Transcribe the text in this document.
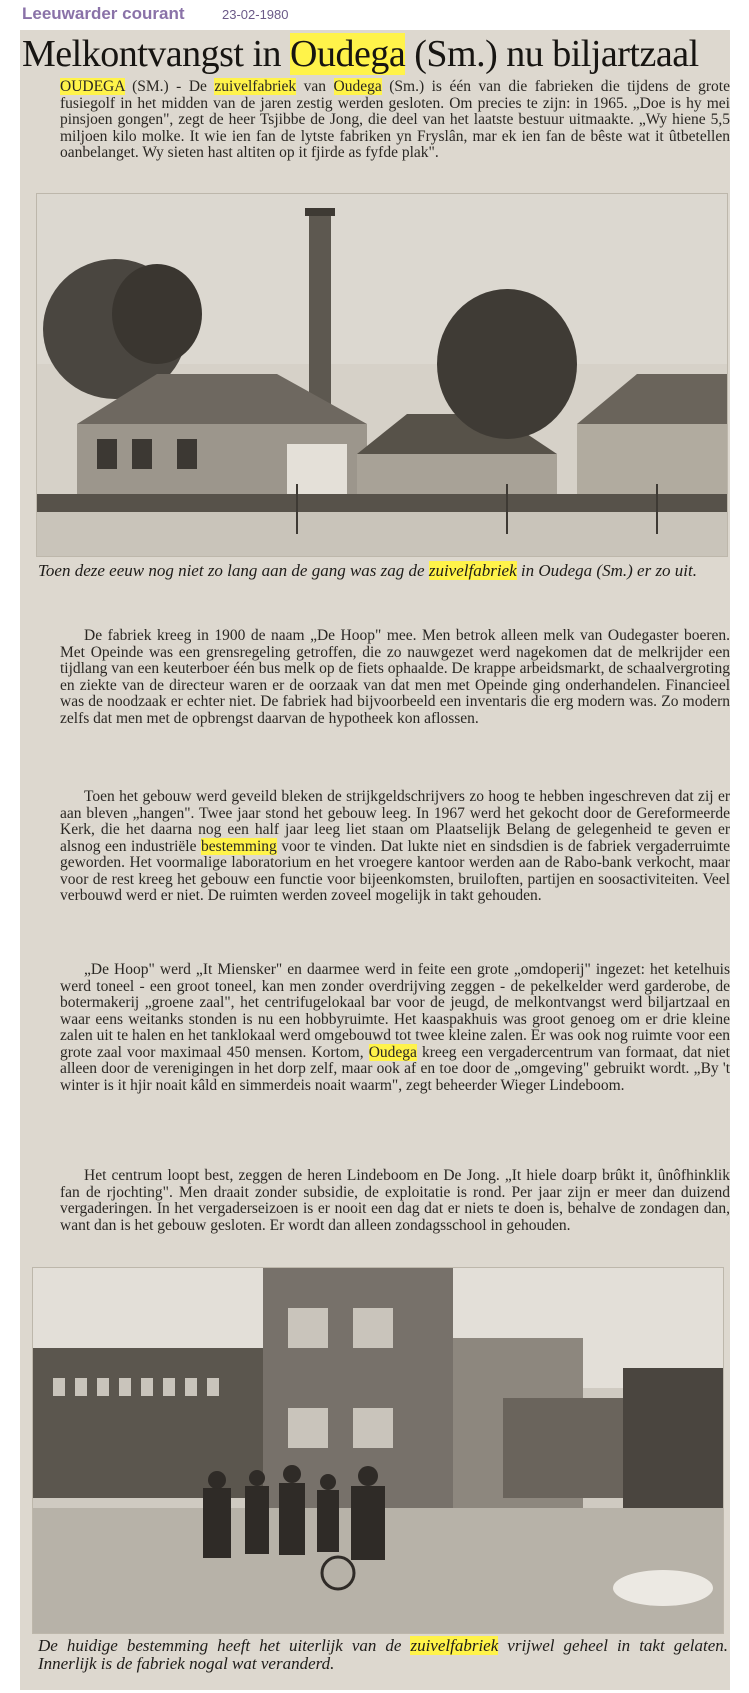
Leeuwarder courant	23-02-1980
Melkontvangst in Oudega (Sm.) nu biljartzaal
OUDEGA (SM.) - De zuivelfabriek van Oudega (Sm.) is één van die fabrieken die tijdens de grote fusiegolf in het midden van de jaren zestig werden gesloten. Om precies te zijn: in 1965. „Doe is hy mei pinsjoen gongen", zegt de heer Tsjibbe de Jong, die deel van het laatste bestuur uitmaakte. „Wy hiene 5,5 miljoen kilo molke. It wie ien fan de lytste fabriken yn Fryslân, mar ek ien fan de bêste wat it ûtbetellen oanbelanget. Wy sieten hast altiten op it fjirde as fyfde plak".
Toen deze eeuw nog niet zo lang aan de gang was zag de zuivelfabriek in Oudega (Sm.) er zo uit.
De fabriek kreeg in 1900 de naam „De Hoop" mee. Men betrok alleen melk van Oudegaster boeren. Met Opeinde was een grensregeling getroffen, die zo nauwgezet werd nagekomen dat de melkrijder een tijdlang van een keuterboer één bus melk op de fiets ophaalde. De krappe arbeidsmarkt, de schaalvergroting en ziekte van de directeur waren er de oorzaak van dat men met Opeinde ging onderhandelen. Financieel was de noodzaak er echter niet. De fabriek had bijvoorbeeld een inventaris die erg modern was. Zo modern zelfs dat men met de opbrengst daarvan de hypotheek kon aflossen.
Toen het gebouw werd geveild bleken de strijkgeldschrijvers zo hoog te hebben ingeschreven dat zij er aan bleven „hangen". Twee jaar stond het gebouw leeg. In 1967 werd het gekocht door de Gereformeerde Kerk, die het daarna nog een half jaar leeg liet staan om Plaatselijk Belang de gelegenheid te geven er alsnog een industriële bestemming voor te vinden. Dat lukte niet en sindsdien is de fabriek vergaderruimte geworden. Het voormalige laboratorium en het vroegere kantoor werden aan de Rabo-bank verkocht, maar voor de rest kreeg het gebouw een functie voor bijeenkomsten, bruiloften, partijen en soosactiviteiten. Veel verbouwd werd er niet. De ruimten werden zoveel mogelijk in takt gehouden.
„De Hoop" werd „It Miensker" en daarmee werd in feite een grote „omdoperij" ingezet: het ketelhuis werd toneel - een groot toneel, kan men zonder overdrijving zeggen - de pekelkelder werd garderobe, de botermakerij „groene zaal", het centrifugelokaal bar voor de jeugd, de melkontvangst werd biljartzaal en waar eens weitanks stonden is nu een hobbyruimte. Het kaaspakhuis was groot genoeg om er drie kleine zalen uit te halen en het tanklokaal werd omgebouwd tot twee kleine zalen. Er was ook nog ruimte voor een grote zaal voor maximaal 450 mensen. Kortom, Oudega kreeg een vergadercentrum van formaat, dat niet alleen door de verenigingen in het dorp zelf, maar ook af en toe door de „omgeving" gebruikt wordt. „By 't winter is it hjir noait kâld en simmerdeis noait waarm", zegt beheerder Wieger Lindeboom.
Het centrum loopt best, zeggen de heren Lindeboom en De Jong. „It hiele doarp brûkt it, ûnôfhinklik fan de rjochting". Men draait zonder subsidie, de exploitatie is rond. Per jaar zijn er meer dan duizend vergaderingen. In het vergaderseizoen is er nooit een dag dat er niets te doen is, behalve de zondagen dan, want dan is het gebouw gesloten. Er wordt dan alleen zondagsschool in gehouden.
De huidige bestemming heeft het uiterlijk van de zuivelfabriek vrijwel geheel in takt gelaten. Innerlijk is de fabriek nogal wat veranderd.
